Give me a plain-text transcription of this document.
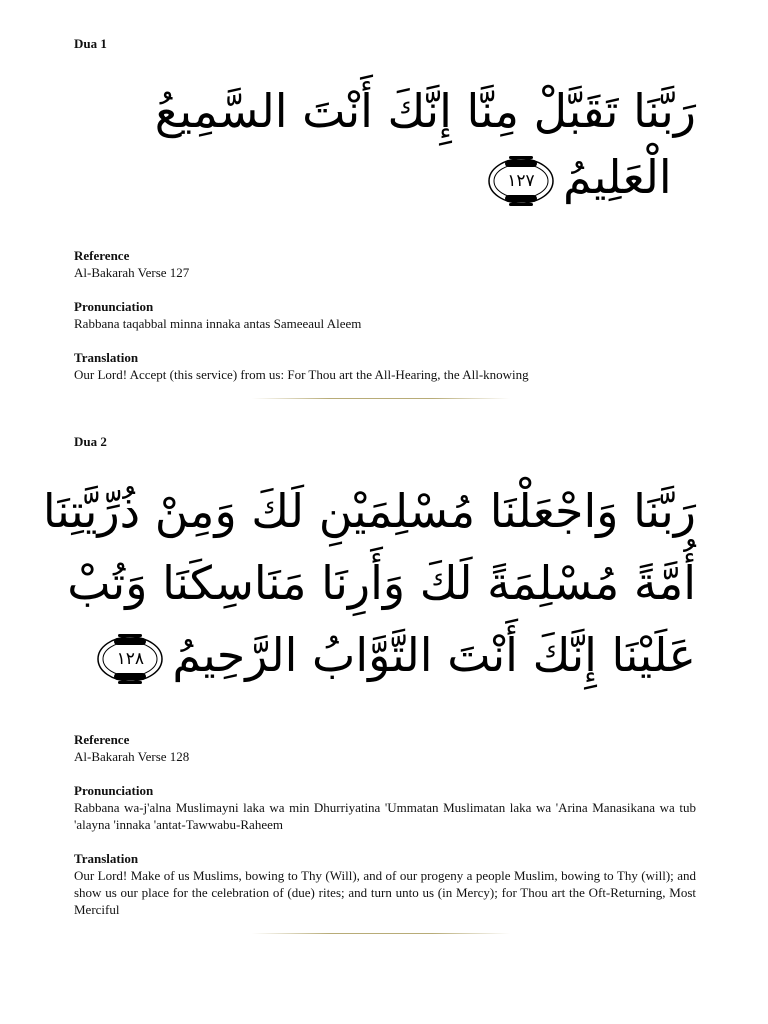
Dua 1
رَبَّنَا تَقَبَّلْ مِنَّا إِنَّكَ أَنْتَ السَّمِيعُ
الْعَلِيمُ
١٢٧
Reference
Al-Bakarah Verse 127
Pronunciation
Rabbana taqabbal minna innaka antas Sameeaul Aleem
Translation
Our Lord! Accept (this service) from us: For Thou art the All-Hearing, the All-knowing
Dua 2
رَبَّنَا وَاجْعَلْنَا مُسْلِمَيْنِ لَكَ وَمِنْ ذُرِّيَّتِنَا
أُمَّةً مُسْلِمَةً لَكَ وَأَرِنَا مَنَاسِكَنَا وَتُبْ
عَلَيْنَا إِنَّكَ أَنْتَ التَّوَّابُ الرَّحِيمُ
١٢٨
Reference
Al-Bakarah Verse 128
Pronunciation
Rabbana wa-j'alna Muslimayni laka wa min Dhurriyatina 'Ummatan Muslimatan laka wa 'Arina Manasikana wa tub 'alayna 'innaka 'antat-Tawwabu-Raheem
Translation
Our Lord! Make of us Muslims, bowing to Thy (Will), and of our progeny a people Muslim, bowing to Thy (will); and show us our place for the celebration of (due) rites; and turn unto us (in Mercy); for Thou art the Oft-Returning, Most Merciful
